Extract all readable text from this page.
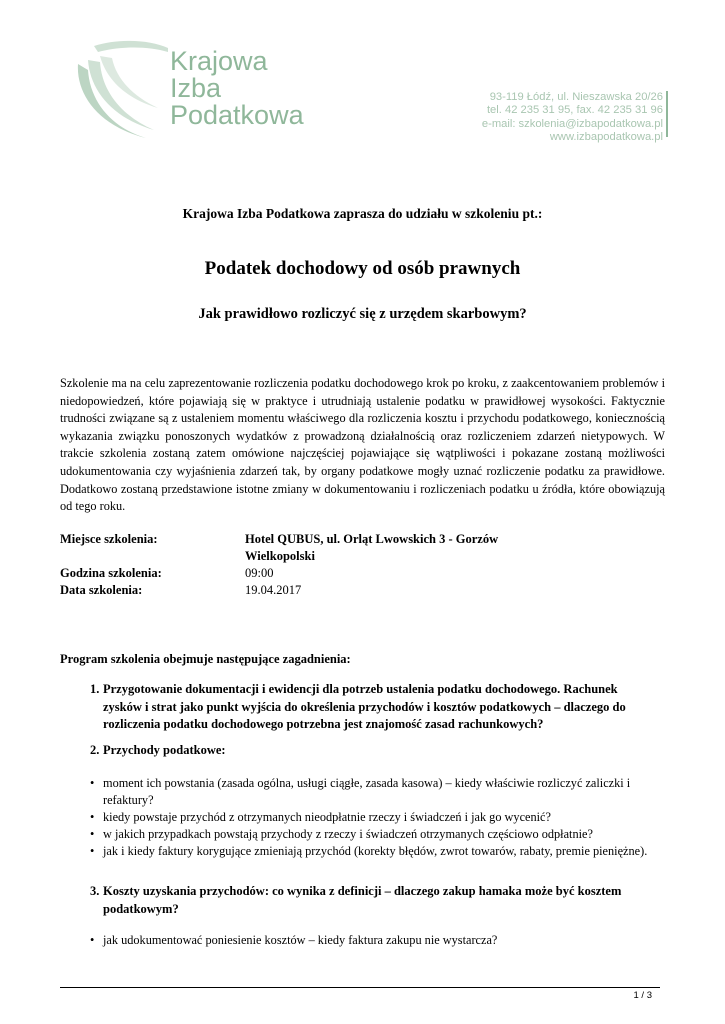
Krajowa
Izba
Podatkowa
93-119 Łódź, ul. Nieszawska 20/26
tel. 42 235 31 95, fax. 42 235 31 96
e-mail: szkolenia@izbapodatkowa.pl
www.izbapodatkowa.pl
Krajowa Izba Podatkowa zaprasza do udziału w szkoleniu pt.:
Podatek dochodowy od osób prawnych
Jak prawidłowo rozliczyć się z urzędem skarbowym?
Szkolenie ma na celu zaprezentowanie rozliczenia podatku dochodowego krok po kroku, z zaakcentowaniem problemów i niedopowiedzeń, które pojawiają się w praktyce i utrudniają ustalenie podatku w prawidłowej wysokości. Faktycznie trudności związane są z ustaleniem momentu właściwego dla rozliczenia kosztu i przychodu podatkowego, koniecznością wykazania związku ponoszonych wydatków z prowadzoną działalnością oraz rozliczeniem zdarzeń nietypowych. W trakcie szkolenia zostaną zatem omówione najczęściej pojawiające się wątpliwości i pokazane zostaną możliwości udokumentowania czy wyjaśnienia zdarzeń tak, by organy podatkowe mogły uznać rozliczenie podatku za prawidłowe. Dodatkowo zostaną przedstawione istotne zmiany w dokumentowaniu i rozliczeniach podatku u źródła, które obowiązują od tego roku.
Miejsce szkolenia:	Hotel QUBUS, ul. Orląt Lwowskich 3 - Gorzów Wielkopolski
Godzina szkolenia:	09:00
Data szkolenia:	19.04.2017
Program szkolenia obejmuje następujące zagadnienia:
1. Przygotowanie dokumentacji i ewidencji dla potrzeb ustalenia podatku dochodowego. Rachunek zysków i strat jako punkt wyjścia do określenia przychodów i kosztów podatkowych – dlaczego do rozliczenia podatku dochodowego potrzebna jest znajomość zasad rachunkowych?
2. Przychody podatkowe:
• moment ich powstania (zasada ogólna, usługi ciągłe, zasada kasowa) – kiedy właściwie rozliczyć zaliczki i refaktury?
• kiedy powstaje przychód z otrzymanych nieodpłatnie rzeczy i świadczeń i jak go wycenić?
• w jakich przypadkach powstają przychody z rzeczy i świadczeń otrzymanych częściowo odpłatnie?
• jak i kiedy faktury korygujące zmieniają przychód (korekty błędów, zwrot towarów, rabaty, premie pieniężne).
3. Koszty uzyskania przychodów: co wynika z definicji – dlaczego zakup hamaka może być kosztem podatkowym?
• jak udokumentować poniesienie kosztów – kiedy faktura zakupu nie wystarcza?
1 / 3
